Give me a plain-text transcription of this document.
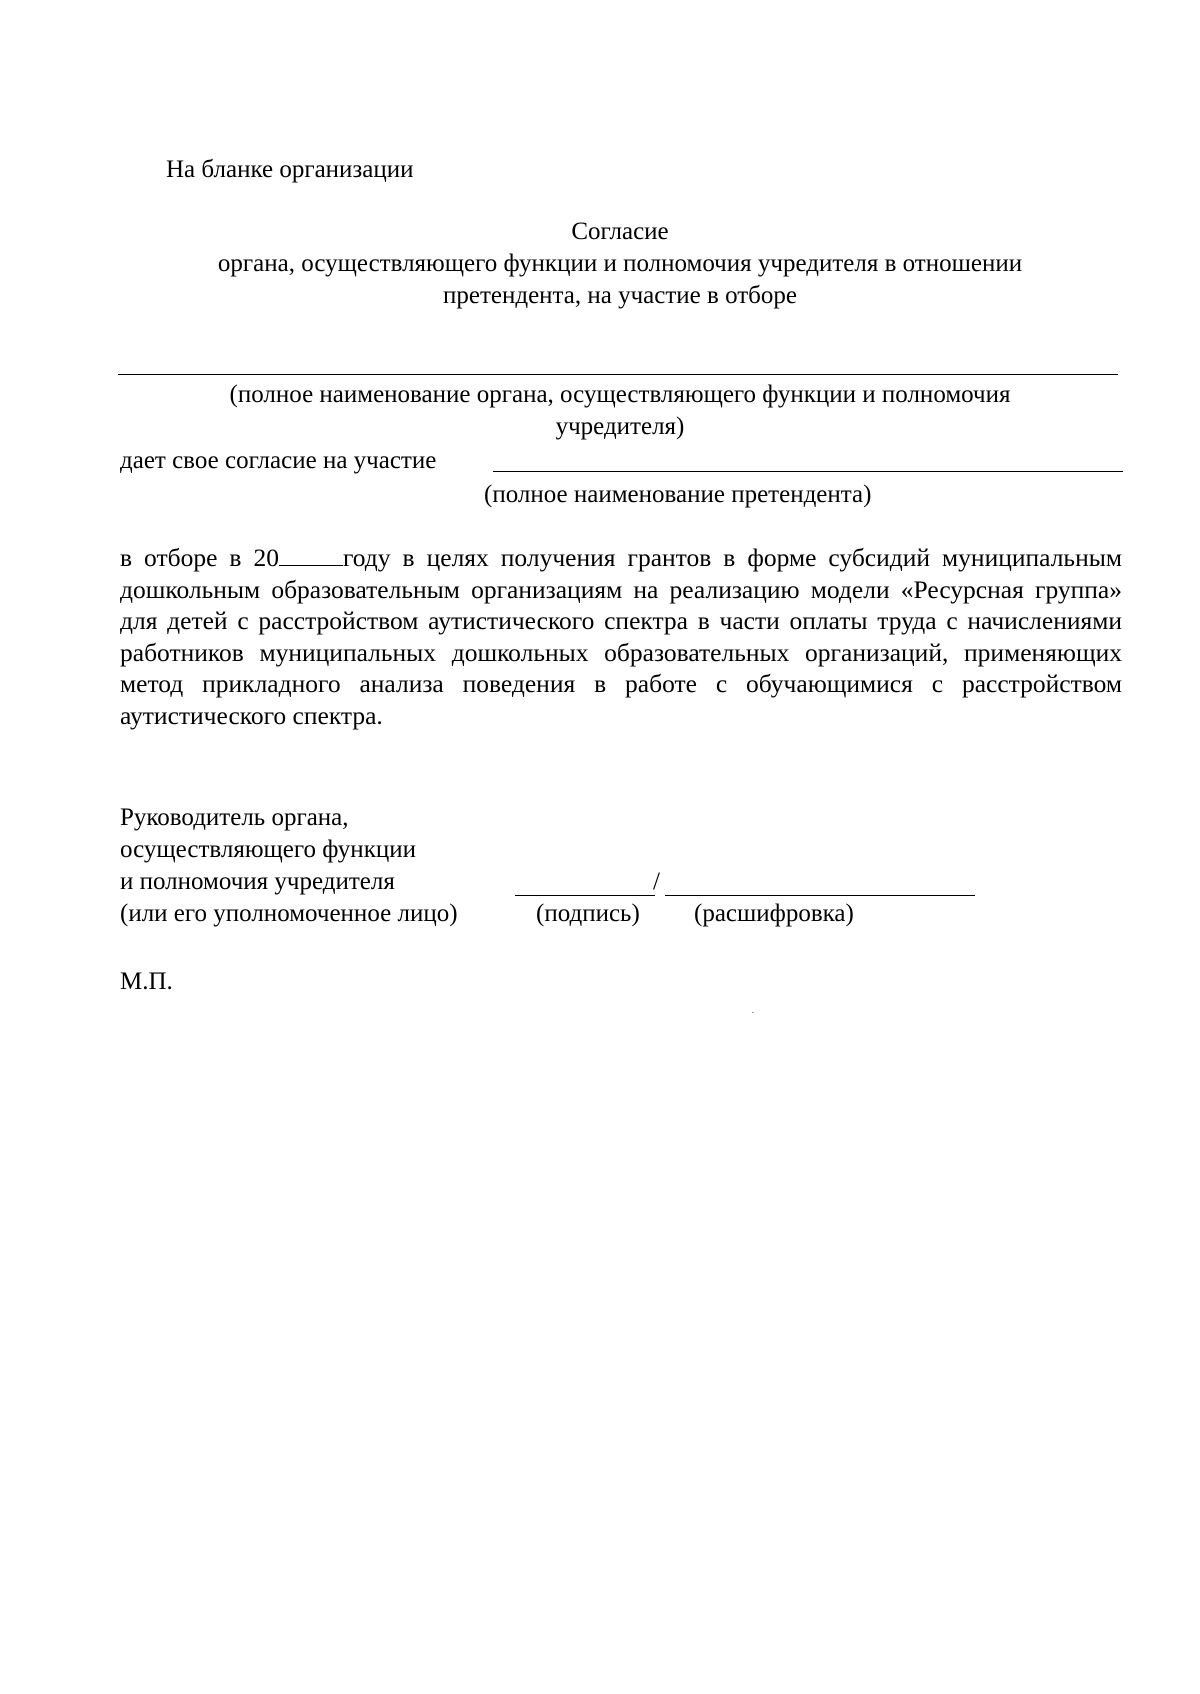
На бланке организации
Согласие
органа, осуществляющего функции и полномочия учредителя в отношении
претендента, на участие в отборе
(полное наименование органа, осуществляющего функции и полномочия
учредителя)
дает свое согласие на участие
(полное наименование претендента)
в отборе в 20	году в целях получения грантов в форме субсидий муниципальным дошкольным образовательным организациям на реализацию модели «Ресурсная группа» для детей с расстройством аутистического спектра в части оплаты труда с начислениями работников муниципальных дошкольных образовательных организаций, применяющих метод прикладного анализа поведения в работе с обучающимися с расстройством аутистического спектра.
Руководитель органа,
осуществляющего функции
и полномочия учредителя
(или его уполномоченное лицо)
/
(подпись) (расшифровка)
М.П.
